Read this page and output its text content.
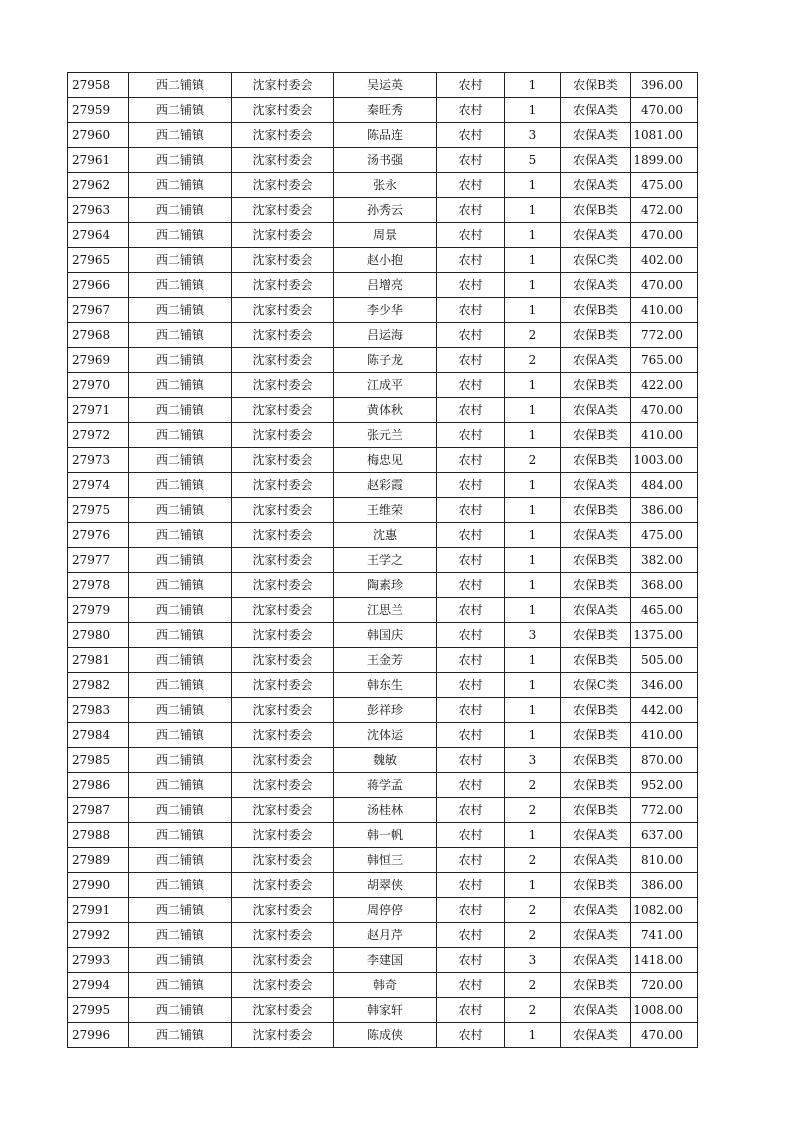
27958	西二铺镇	沈家村委会	吴运英	农村	1	农保B类	396.00
27959	西二铺镇	沈家村委会	秦旺秀	农村	1	农保A类	470.00
27960	西二铺镇	沈家村委会	陈品连	农村	3	农保A类	1081.00
27961	西二铺镇	沈家村委会	汤书强	农村	5	农保A类	1899.00
27962	西二铺镇	沈家村委会	张永	农村	1	农保A类	475.00
27963	西二铺镇	沈家村委会	孙秀云	农村	1	农保B类	472.00
27964	西二铺镇	沈家村委会	周景	农村	1	农保A类	470.00
27965	西二铺镇	沈家村委会	赵小抱	农村	1	农保C类	402.00
27966	西二铺镇	沈家村委会	吕增亮	农村	1	农保A类	470.00
27967	西二铺镇	沈家村委会	李少华	农村	1	农保B类	410.00
27968	西二铺镇	沈家村委会	吕运海	农村	2	农保B类	772.00
27969	西二铺镇	沈家村委会	陈子龙	农村	2	农保A类	765.00
27970	西二铺镇	沈家村委会	江成平	农村	1	农保B类	422.00
27971	西二铺镇	沈家村委会	黄体秋	农村	1	农保A类	470.00
27972	西二铺镇	沈家村委会	张元兰	农村	1	农保B类	410.00
27973	西二铺镇	沈家村委会	梅忠见	农村	2	农保B类	1003.00
27974	西二铺镇	沈家村委会	赵彩霞	农村	1	农保A类	484.00
27975	西二铺镇	沈家村委会	王维荣	农村	1	农保B类	386.00
27976	西二铺镇	沈家村委会	沈惠	农村	1	农保A类	475.00
27977	西二铺镇	沈家村委会	王学之	农村	1	农保B类	382.00
27978	西二铺镇	沈家村委会	陶素珍	农村	1	农保B类	368.00
27979	西二铺镇	沈家村委会	江思兰	农村	1	农保A类	465.00
27980	西二铺镇	沈家村委会	韩国庆	农村	3	农保B类	1375.00
27981	西二铺镇	沈家村委会	王金芳	农村	1	农保B类	505.00
27982	西二铺镇	沈家村委会	韩东生	农村	1	农保C类	346.00
27983	西二铺镇	沈家村委会	彭祥珍	农村	1	农保B类	442.00
27984	西二铺镇	沈家村委会	沈体运	农村	1	农保B类	410.00
27985	西二铺镇	沈家村委会	魏敏	农村	3	农保B类	870.00
27986	西二铺镇	沈家村委会	蒋学孟	农村	2	农保B类	952.00
27987	西二铺镇	沈家村委会	汤桂林	农村	2	农保B类	772.00
27988	西二铺镇	沈家村委会	韩一帆	农村	1	农保A类	637.00
27989	西二铺镇	沈家村委会	韩恒三	农村	2	农保A类	810.00
27990	西二铺镇	沈家村委会	胡翠侠	农村	1	农保B类	386.00
27991	西二铺镇	沈家村委会	周停停	农村	2	农保A类	1082.00
27992	西二铺镇	沈家村委会	赵月芹	农村	2	农保A类	741.00
27993	西二铺镇	沈家村委会	李建国	农村	3	农保A类	1418.00
27994	西二铺镇	沈家村委会	韩奇	农村	2	农保B类	720.00
27995	西二铺镇	沈家村委会	韩家轩	农村	2	农保A类	1008.00
27996	西二铺镇	沈家村委会	陈成侠	农村	1	农保A类	470.00
